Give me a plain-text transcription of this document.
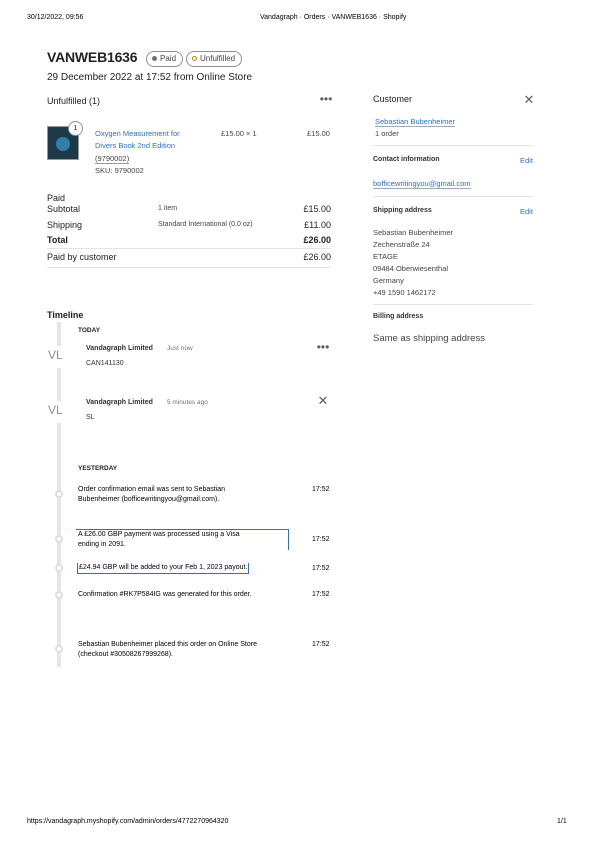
30/12/2022, 09:56	Vandagraph · Orders · VANWEB1636 · Shopify
VANWEB1636	Paid	Unfulfilled
29 December 2022 at 17:52 from Online Store
Unfulfilled (1)	•••
1
Oxygen Measurement for
Divers Book 2nd Edition
(9790002)
SKU: 9790002
£15.00 × 1	£15.00
Paid
Subtotal	1 item	£15.00
Shipping	Standard International (0.0 oz)	£11.00
Total	£26.00
Paid by customer	£26.00
Timeline
TODAY
VL	Vandagraph Limited Just now
CAN141130
•••
VL
Vandagraph Limited 5 minutes ago
SL
✕
YESTERDAY
Order confirmation email was sent to Sebastian
Bubenheimer (bofficewritingyou@gmail.com).
17:52
A £26.00 GBP payment was processed using a Visa
ending in 2091.
17:52
£24.94 GBP will be added to your Feb 1, 2023 payout.	17:52
Confirmation #RK7P584IG was generated for this order.	17:52
Sebastian Bubenheimer placed this order on Online Store
(checkout #30508267999268).
17:52
Customer	✕
Sebastian Bubenheimer
1 order
Contact information	Edit
bofficewritingyou@gmail.com
Shipping address	Edit
Sebastian Bubenheimer
Zechenstraße 24
ETAGE
09484 Oberwiesenthal
Germany
+49 1590 1462172
Billing address
Same as shipping address
https://vandagraph.myshopify.com/admin/orders/4772270964320	1/1
